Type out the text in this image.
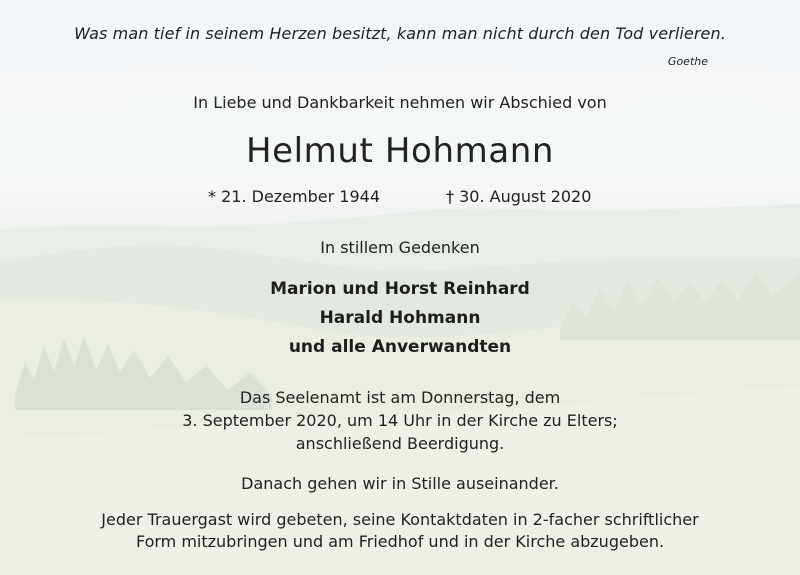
Was man tief in seinem Herzen besitzt, kann man nicht durch den Tod verlieren.

Goethe

In Liebe und Dankbarkeit nehmen wir Abschied von

Helmut Hohmann

* 21. Dezember 1944	† 30. August 2020

In stillem Gedenken

Marion und Horst Reinhard
Harald Hohmann
und alle Anverwandten
Das Seelenamt ist am Donnerstag, dem
3. September 2020, um 14 Uhr in der Kirche zu Elters;
anschließend Beerdigung.

Danach gehen wir in Stille auseinander.

Jeder Trauergast wird gebeten, seine Kontaktdaten in 2-facher schriftlicher
Form mitzubringen und am Friedhof und in der Kirche abzugeben.
